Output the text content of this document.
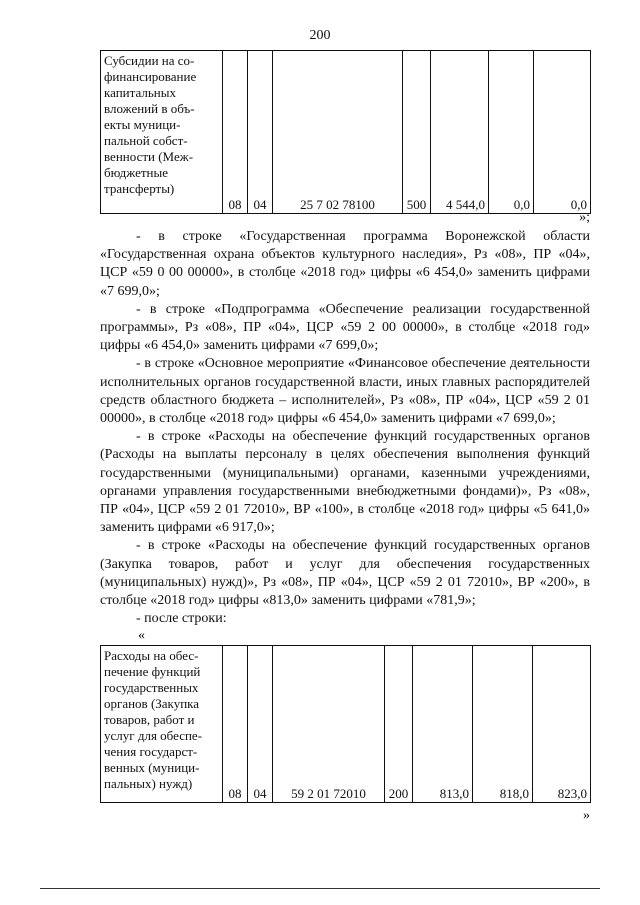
200
Субсидии на со-финансирование капитальных вложений в объ-екты муници-пальной собст-венности (Меж-бюджетные трансферты)	08	04	25 7 02 78100	500	4 544,0	0,0	0,0
»;

- в строке «Государственная программа Воронежской области «Государственная охрана объектов культурного наследия», Рз «08», ПР «04», ЦСР «59 0 00 00000», в столбце «2018 год» цифры «6 454,0» заменить цифрами «7 699,0»;

- в строке «Подпрограмма «Обеспечение реализации государственной программы», Рз «08», ПР «04», ЦСР «59 2 00 00000», в столбце «2018 год» цифры «6 454,0» заменить цифрами «7 699,0»;

- в строке «Основное мероприятие «Финансовое обеспечение деятельности исполнительных органов государственной власти, иных главных распорядителей средств областного бюджета – исполнителей», Рз «08», ПР «04», ЦСР «59 2 01 00000», в столбце «2018 год» цифры «6 454,0» заменить цифрами «7 699,0»;

- в строке «Расходы на обеспечение функций государственных органов (Расходы на выплаты персоналу в целях обеспечения выполнения функций государственными (муниципальными) органами, казенными учреждениями, органами управления государственными внебюджетными фондами)», Рз «08», ПР «04», ЦСР «59 2 01 72010», ВР «100», в столбце «2018 год» цифры «5 641,0» заменить цифрами «6 917,0»;

- в строке «Расходы на обеспечение функций государственных органов (Закупка товаров, работ и услуг для обеспечения государственных (муниципальных) нужд)», Рз «08», ПР «04», ЦСР «59 2 01 72010», ВР «200», в столбце «2018 год» цифры «813,0» заменить цифрами «781,9»;

- после строки:

«
Расходы на обес-печение функций государственных органов (Закупка товаров, работ и услуг для обеспе-чения государст-венных (муници-пальных) нужд)	08	04	59 2 01 72010	200	813,0	818,0	823,0
»
